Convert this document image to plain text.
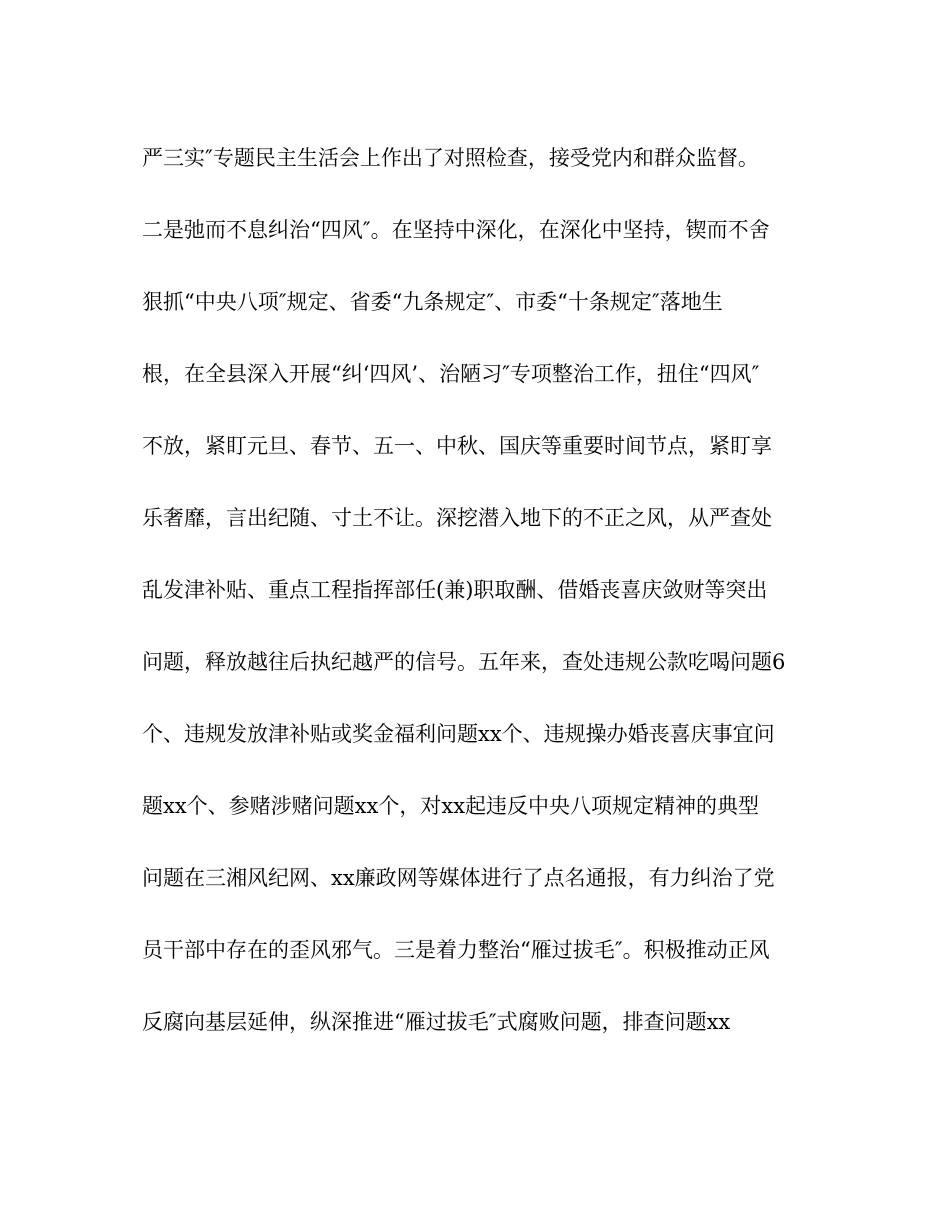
严三实″专题民主生活会上作出了对照检查，接受党内和群众监督。
二是弛而不息纠治“四风″。在坚持中深化，在深化中坚持，锲而不舍
狠抓“中央八项″规定、省委“九条规定″、市委“十条规定″落地生
根，在全县深入开展“纠‘四风’、治陋习″专项整治工作，扭住“四风″
不放，紧盯元旦、春节、五一、中秋、国庆等重要时间节点，紧盯享
乐奢靡，言出纪随、寸土不让。深挖潜入地下的不正之风，从严查处
乱发津补贴、重点工程指挥部任(兼)职取酬、借婚丧喜庆敛财等突出
问题，释放越往后执纪越严的信号。五年来，查处违规公款吃喝问题6
个、违规发放津补贴或奖金福利问题xx个、违规操办婚丧喜庆事宜问
题xx个、参赌涉赌问题xx个，对xx起违反中央八项规定精神的典型
问题在三湘风纪网、xx廉政网等媒体进行了点名通报，有力纠治了党
员干部中存在的歪风邪气。三是着力整治“雁过拔毛″。积极推动正风
反腐向基层延伸，纵深推进“雁过拔毛″式腐败问题，排查问题xx
